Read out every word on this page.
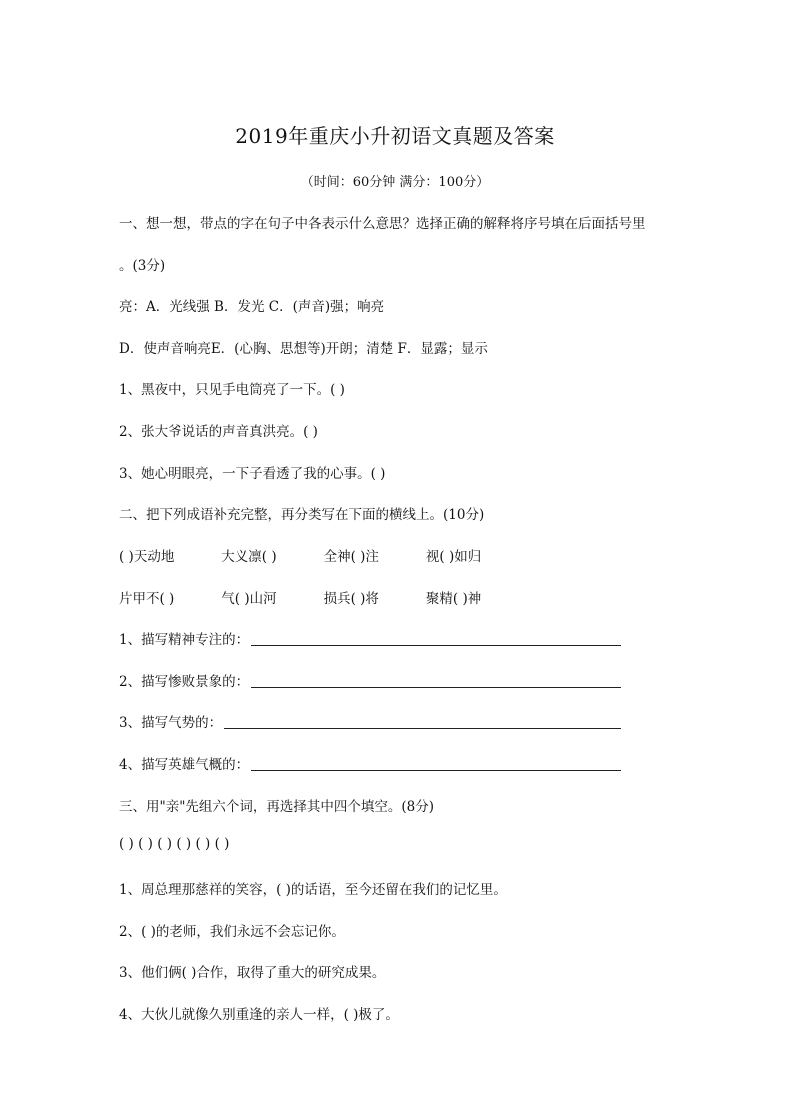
2019年重庆小升初语文真题及答案
（时间：60分钟 满分：100分）
一、想一想，带点的字在句子中各表示什么意思？选择正确的解释将序号填在后面括号里
。(3分)
亮：A．光线强 B．发光 C．(声音)强；响亮
D．使声音响亮E．(心胸、思想等)开朗；清楚 F．显露；显示
1、黑夜中，只见手电筒亮了一下。( )
2、张大爷说话的声音真洪亮。( )
3、她心明眼亮，一下子看透了我的心事。( )
二、把下列成语补充完整，再分类写在下面的横线上。(10分)
( )天动地	大义凛( )	全神( )注	视( )如归
片甲不( )	气( )山河	损兵( )将	聚精( )神
1、描写精神专注的：
2、描写惨败景象的：
3、描写气势的：
4、描写英雄气概的：
三、用"亲"先组六个词，再选择其中四个填空。(8分)
( ) ( ) ( ) ( ) ( ) ( )
1、周总理那慈祥的笑容，( )的话语，至今还留在我们的记忆里。
2、( )的老师，我们永远不会忘记你。
3、他们俩( )合作，取得了重大的研究成果。
4、大伙儿就像久别重逢的亲人一样，( )极了。
